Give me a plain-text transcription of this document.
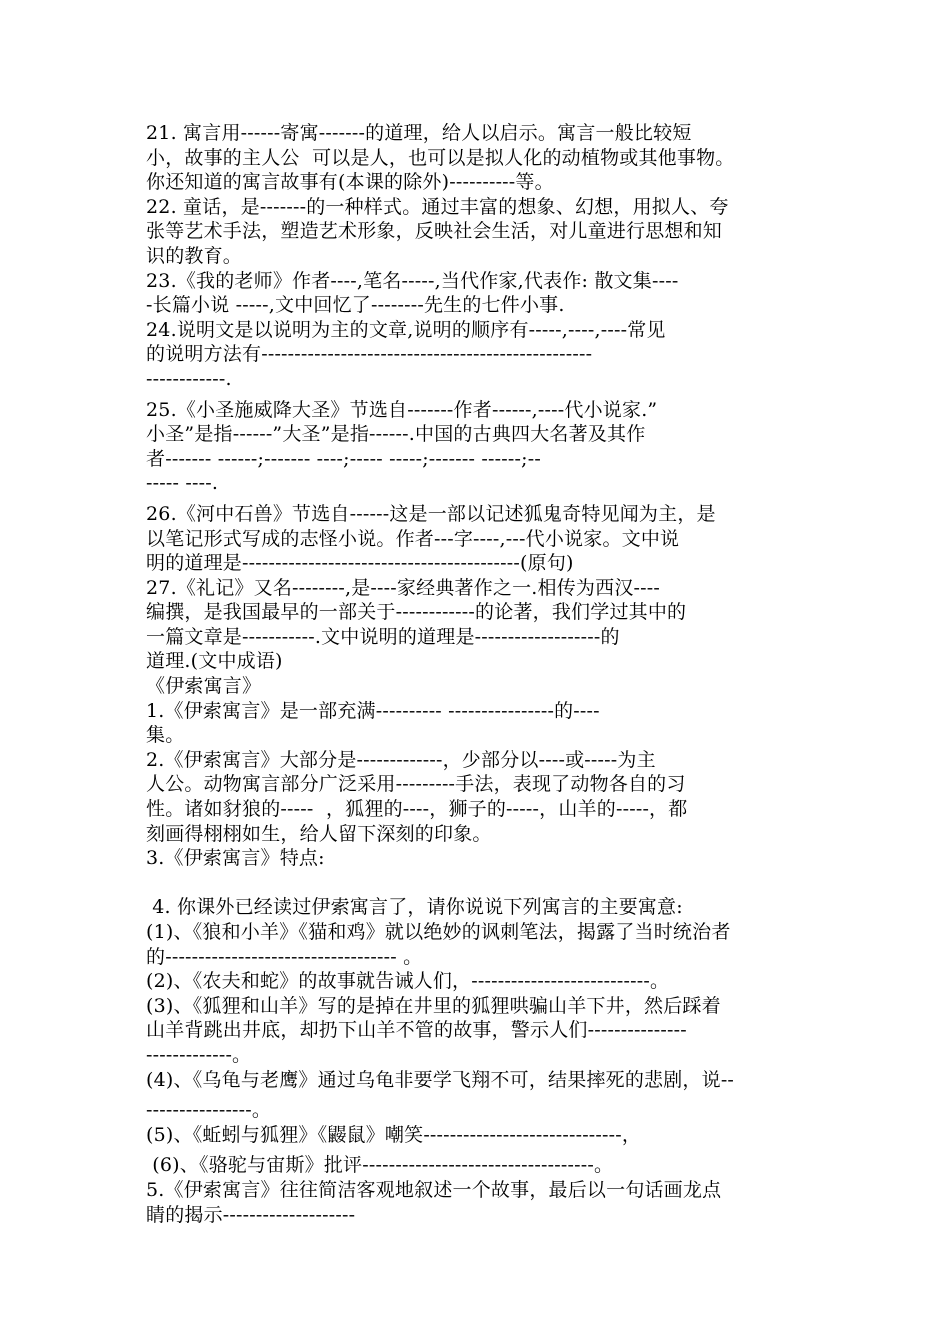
21. 寓言用------寄寓-------的道理，给人以启示。寓言一般比较短
小，故事的主人公  可以是人，也可以是拟人化的动植物或其他事物。
你还知道的寓言故事有(本课的除外)----------等。
22. 童话，是-------的一种样式。通过丰富的想象、幻想，用拟人、夸
张等艺术手法，塑造艺术形象，反映社会生活，对儿童进行思想和知
识的教育。
23.《我的老师》作者----,笔名-----,当代作家,代表作: 散文集----
-长篇小说 -----,文中回忆了--------先生的七件小事.
24.说明文是以说明为主的文章,说明的顺序有-----,----,----常见
的说明方法有--------------------------------------------------
------------.
25.《小圣施威降大圣》节选自-------作者------,----代小说家.”
小圣”是指------”大圣”是指------.中国的古典四大名著及其作
者------- ------;------- ----;----- -----;------- ------;--
----- ----.
26.《河中石兽》节选自------这是一部以记述狐鬼奇特见闻为主，是
以笔记形式写成的志怪小说。作者---字----,---代小说家。文中说
明的道理是------------------------------------------(原句)
27.《礼记》又名--------,是----家经典著作之一.相传为西汉----
编撰，是我国最早的一部关于------------的论著，我们学过其中的
一篇文章是-----------.文中说明的道理是-------------------的
道理.(文中成语)
《伊索寓言》
1.《伊索寓言》是一部充满---------- ----------------的----
集。
2.《伊索寓言》大部分是-------------，少部分以----或-----为主
人公。动物寓言部分广泛采用---------手法，表现了动物各自的习
性。诸如豺狼的-----  ，狐狸的----，狮子的-----，山羊的-----，都
刻画得栩栩如生，给人留下深刻的印象。
3.《伊索寓言》特点:
4. 你课外已经读过伊索寓言了，请你说说下列寓言的主要寓意:
(1)、《狼和小羊》《猫和鸡》就以绝妙的讽刺笔法，揭露了当时统治者
的----------------------------------- 。
(2)、《农夫和蛇》的故事就告诫人们，---------------------------。
(3)、《狐狸和山羊》写的是掉在井里的狐狸哄骗山羊下井，然后踩着
山羊背跳出井底，却扔下山羊不管的故事，警示人们---------------
-------------。
(4)、《乌龟与老鹰》通过乌龟非要学飞翔不可，结果摔死的悲剧，说--
----------------。
(5)、《蚯蚓与狐狸》《鼹鼠》嘲笑------------------------------，
(6)、《骆驼与宙斯》批评-----------------------------------。
5.《伊索寓言》往往简洁客观地叙述一个故事，最后以一句话画龙点
睛的揭示--------------------
